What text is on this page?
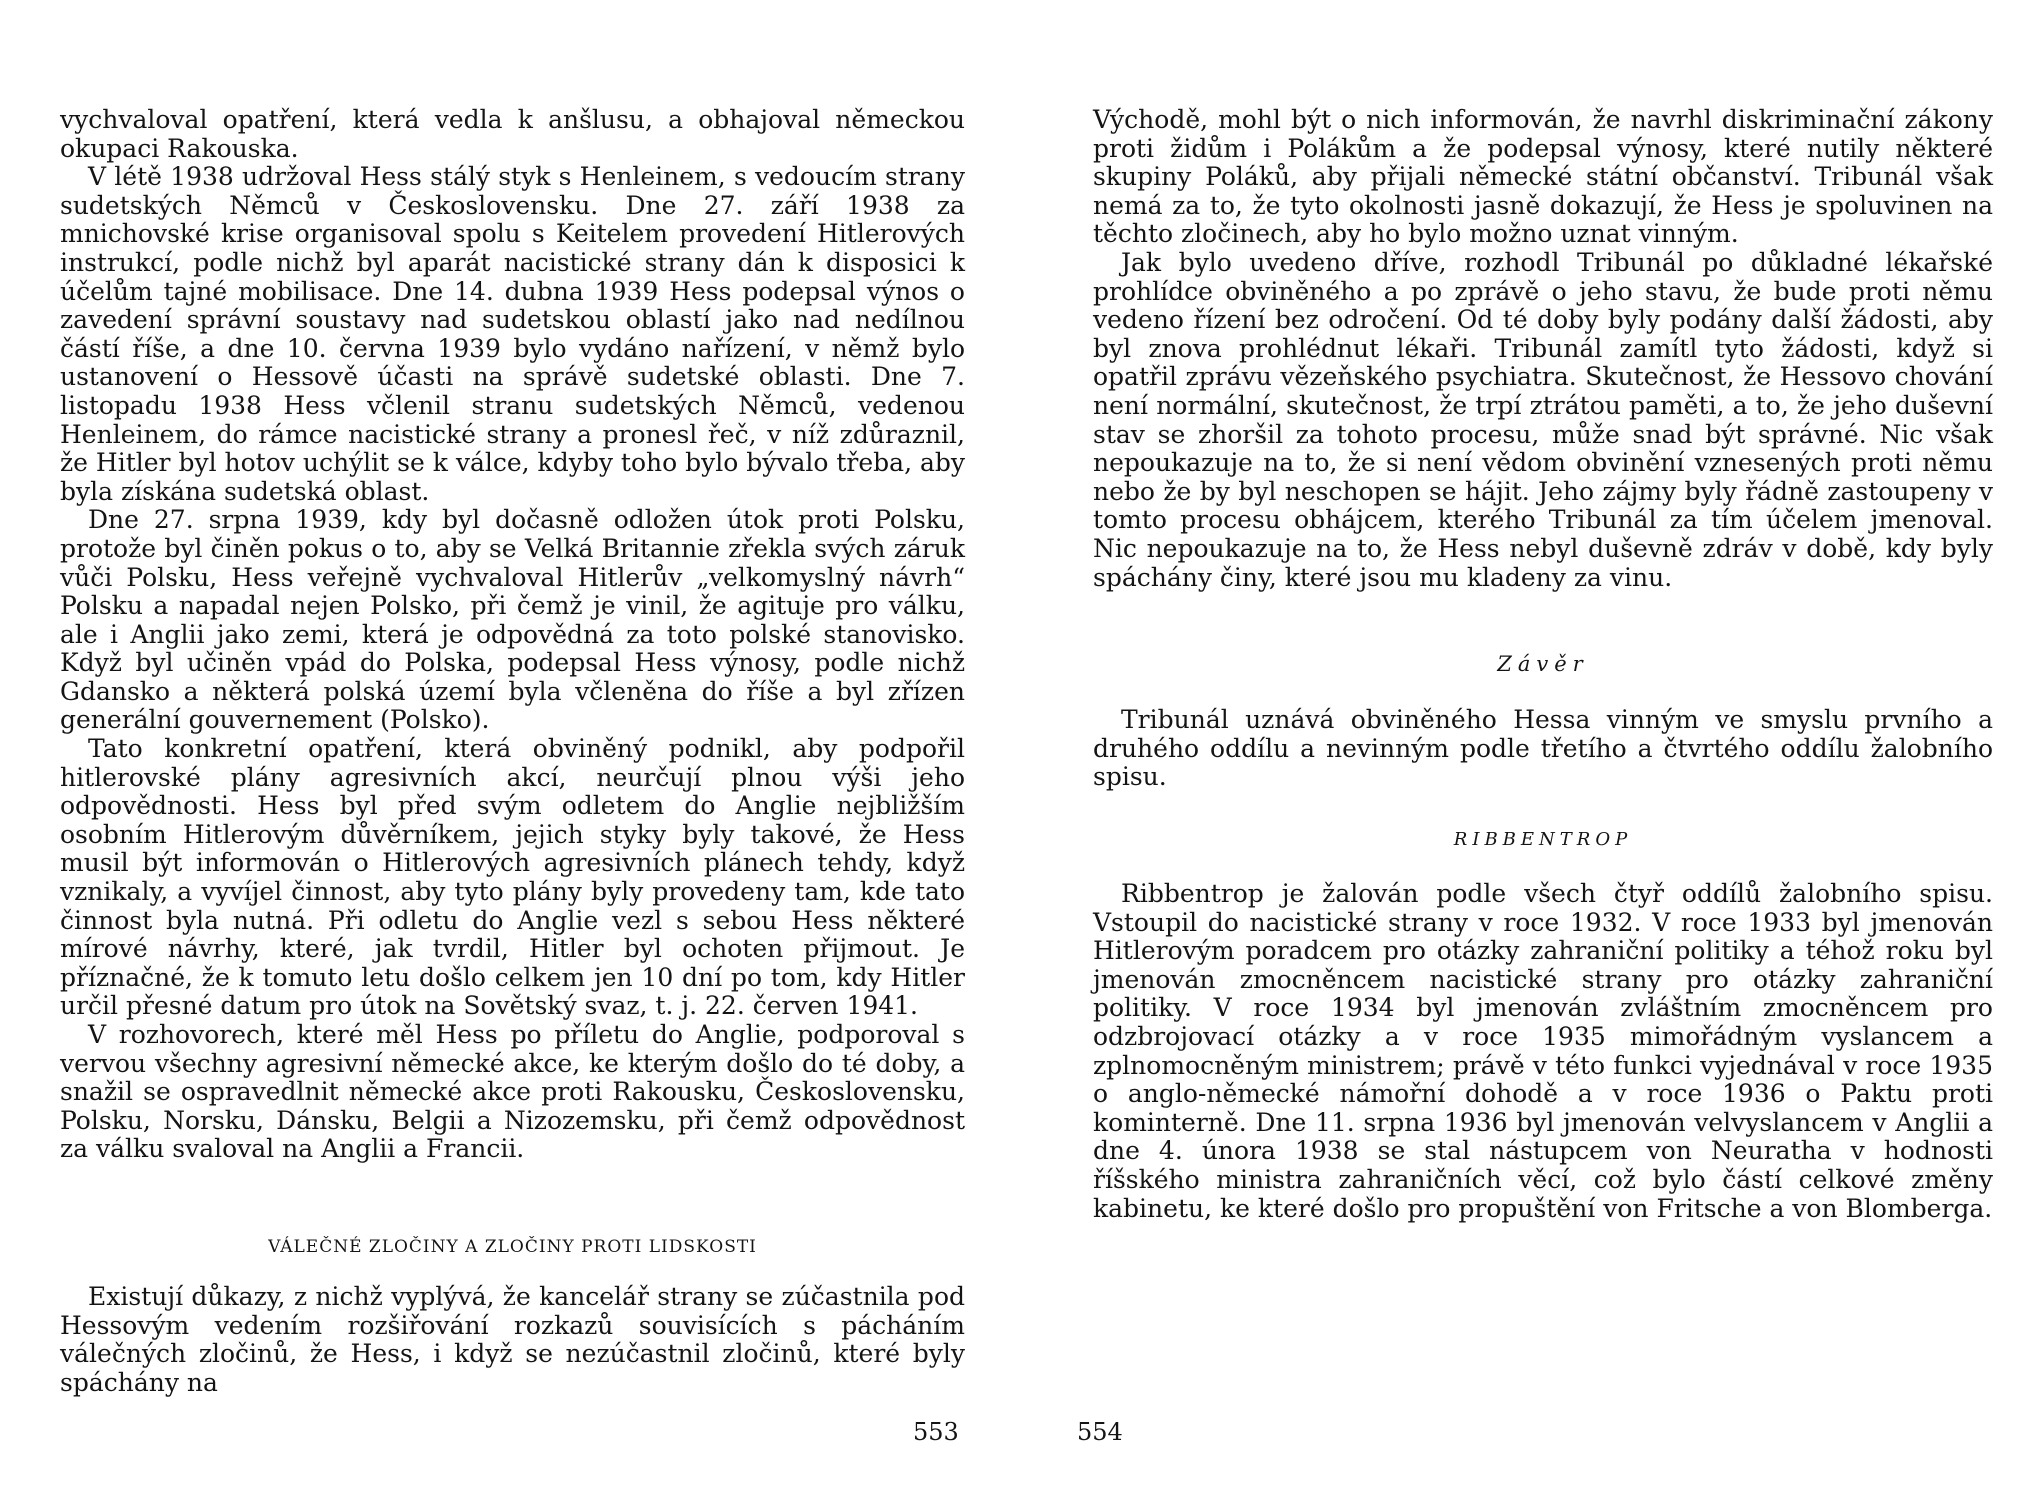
vychvaloval opatření, která vedla k anšlusu, a obhajoval německou okupaci Rakouska.

V létě 1938 udržoval Hess stálý styk s Henleinem, s vedoucím strany sudetských Němců v Československu. Dne 27. září 1938 za mnichovské krise organisoval spolu s Keitelem provedení Hitlerových instrukcí, podle nichž byl aparát nacistické strany dán k disposici k účelům tajné mobilisace. Dne 14. dubna 1939 Hess podepsal výnos o zavedení správní soustavy nad sudetskou oblastí jako nad nedílnou částí říše, a dne 10. června 1939 bylo vydáno nařízení, v němž bylo ustanovení o Hessově účasti na správě sudetské oblasti. Dne 7. listopadu 1938 Hess včlenil stranu sudetských Němců, vedenou Henleinem, do rámce nacistické strany a pronesl řeč, v níž zdůraznil, že Hitler byl hotov uchýlit se k válce, kdyby toho bylo bývalo třeba, aby byla získána sudetská oblast.

Dne 27. srpna 1939, kdy byl dočasně odložen útok proti Polsku, protože byl činěn pokus o to, aby se Velká Britannie zřekla svých záruk vůči Polsku, Hess veřejně vychvaloval Hitlerův „velkomyslný návrh“ Polsku a napadal nejen Polsko, při čemž je vinil, že agituje pro válku, ale i Anglii jako zemi, která je odpovědná za toto polské stanovisko. Když byl učiněn vpád do Polska, podepsal Hess výnosy, podle nichž Gdansko a některá polská území byla včleněna do říše a byl zřízen generální gouvernement (Polsko).

Tato konkretní opatření, která obviněný podnikl, aby podpořil hitlerovské plány agresivních akcí, neurčují plnou výši jeho odpovědnosti. Hess byl před svým odletem do Anglie nejbližším osobním Hitlerovým důvěrníkem, jejich styky byly takové, že Hess musil být informován o Hitlerových agresivních plánech tehdy, když vznikaly, a vyvíjel činnost, aby tyto plány byly provedeny tam, kde tato činnost byla nutná. Při odletu do Anglie vezl s sebou Hess některé mírové návrhy, které, jak tvrdil, Hitler byl ochoten přijmout. Je příznačné, že k tomuto letu došlo celkem jen 10 dní po tom, kdy Hitler určil přesné datum pro útok na Sovětský svaz, t. j. 22. červen 1941.

V rozhovorech, které měl Hess po příletu do Anglie, podporoval s vervou všechny agresivní německé akce, ke kterým došlo do té doby, a snažil se ospravedlnit německé akce proti Rakousku, Československu, Polsku, Norsku, Dánsku, Belgii a Nizozemsku, při čemž odpovědnost za válku svaloval na Anglii a Francii.

VÁLEČNÉ ZLOČINY A ZLOČINY PROTI LIDSKOSTI

Existují důkazy, z nichž vyplývá, že kancelář strany se zúčastnila pod Hessovým vedením rozšiřování rozkazů souvisících s pácháním válečných zločinů, že Hess, i když se nezúčastnil zločinů, které byly spáchány na

553

Východě, mohl být o nich informován, že navrhl diskriminační zákony proti židům i Polákům a že podepsal výnosy, které nutily některé skupiny Poláků, aby přijali německé státní občanství. Tribunál však nemá za to, že tyto okolnosti jasně dokazují, že Hess je spoluvinen na těchto zločinech, aby ho bylo možno uznat vinným.

Jak bylo uvedeno dříve, rozhodl Tribunál po důkladné lékařské prohlídce obviněného a po zprávě o jeho stavu, že bude proti němu vedeno řízení bez odročení. Od té doby byly podány další žádosti, aby byl znova prohlédnut lékaři. Tribunál zamítl tyto žádosti, když si opatřil zprávu vězeňského psychiatra. Skutečnost, že Hessovo chování není normální, skutečnost, že trpí ztrátou paměti, a to, že jeho duševní stav se zhoršil za tohoto procesu, může snad být správné. Nic však nepoukazuje na to, že si není vědom obvinění vznesených proti němu nebo že by byl neschopen se hájit. Jeho zájmy byly řádně zastoupeny v tomto procesu obhájcem, kterého Tribunál za tím účelem jmenoval. Nic nepoukazuje na to, že Hess nebyl duševně zdráv v době, kdy byly spáchány činy, které jsou mu kladeny za vinu.

Závěr

Tribunál uznává obviněného Hessa vinným ve smyslu prvního a druhého oddílu a nevinným podle třetího a čtvrtého oddílu žalobního spisu.

RIBBENTROP

Ribbentrop je žalován podle všech čtyř oddílů žalobního spisu. Vstoupil do nacistické strany v roce 1932. V roce 1933 byl jmenován Hitlerovým poradcem pro otázky zahraniční politiky a téhož roku byl jmenován zmocněncem nacistické strany pro otázky zahraniční politiky. V roce 1934 byl jmenován zvláštním zmocněncem pro odzbrojovací otázky a v roce 1935 mimořádným vyslancem a zplnomocněným ministrem; právě v této funkci vyjednával v roce 1935 o anglo-německé námořní dohodě a v roce 1936 o Paktu proti kominterně. Dne 11. srpna 1936 byl jmenován velvyslancem v Anglii a dne 4. února 1938 se stal nástupcem von Neuratha v hodnosti říšského ministra zahraničních věcí, což bylo částí celkové změny kabinetu, ke které došlo pro propuštění von Fritsche a von Blomberga.

554
